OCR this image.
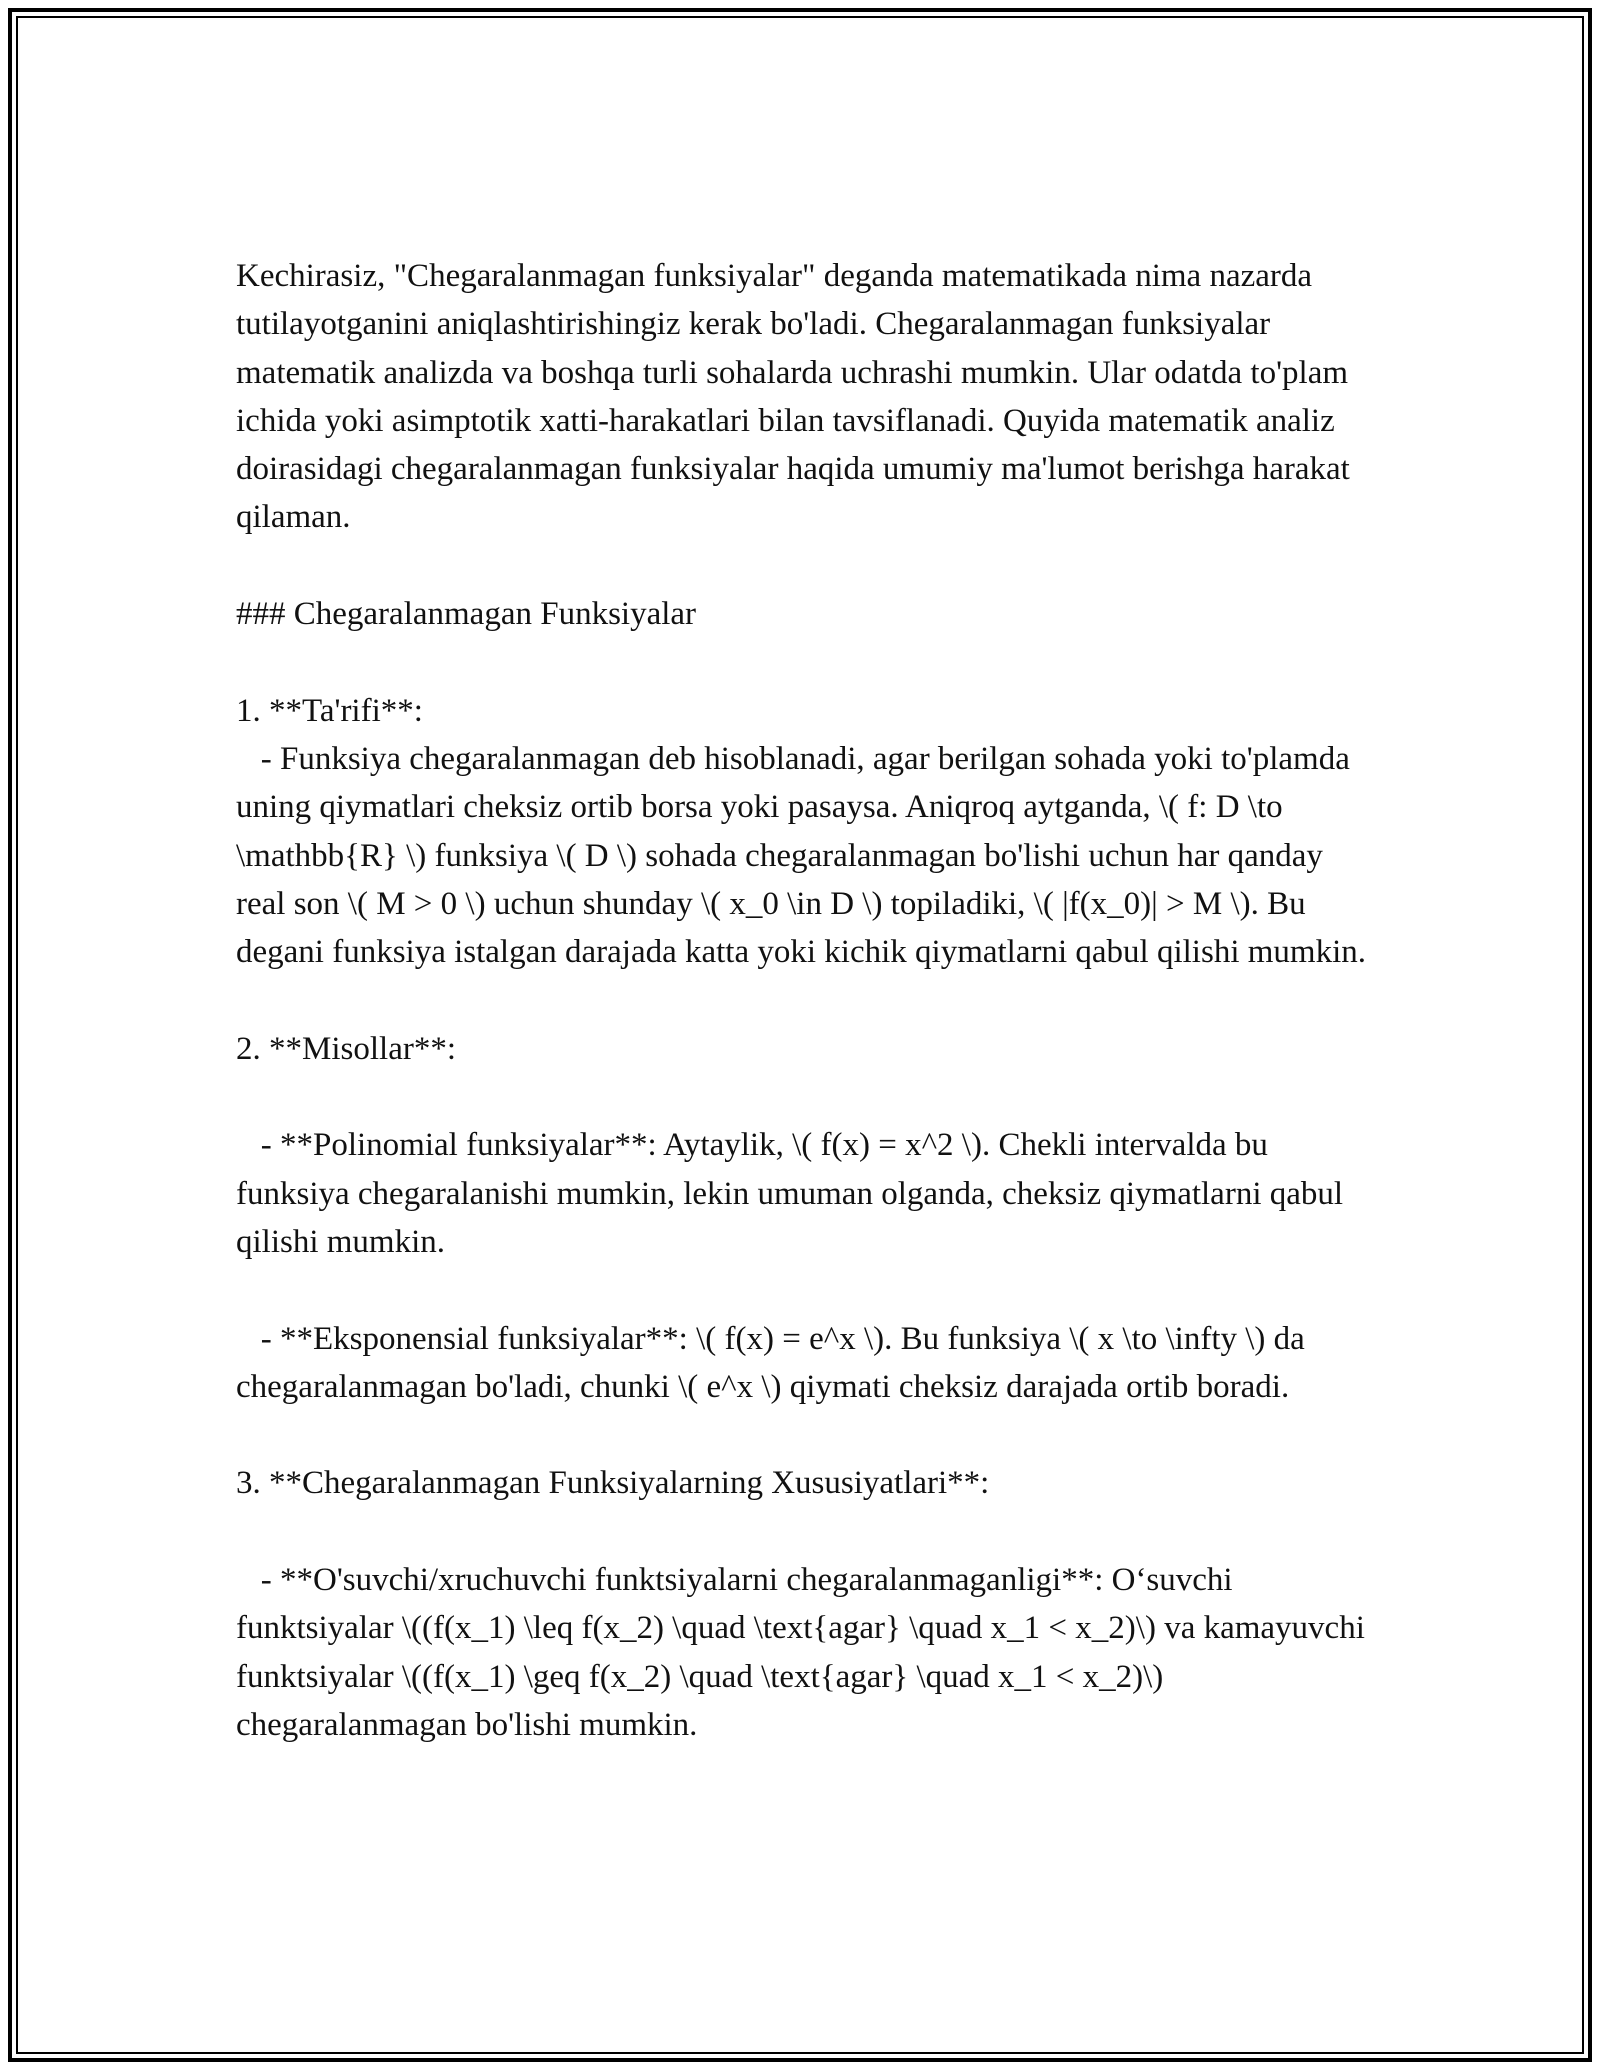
Kechirasiz, "Chegaralanmagan funksiyalar" deganda matematikada nima nazarda tutilayotganini aniqlashtirishingiz kerak bo'ladi. Chegaralanmagan funksiyalar matematik analizda va boshqa turli sohalarda uchrashi mumkin. Ular odatda to'plam ichida yoki asimptotik xatti-harakatlari bilan tavsiflanadi. Quyida matematik analiz doirasidagi chegaralanmagan funksiyalar haqida umumiy ma'lumot berishga harakat qilaman.

### Chegaralanmagan Funksiyalar

1. **Ta'rifi**:
- Funksiya chegaralanmagan deb hisoblanadi, agar berilgan sohada yoki to'plamda uning qiymatlari cheksiz ortib borsa yoki pasaysa. Aniqroq aytganda, \( f: D \to \mathbb{R} \) funksiya \( D \) sohada chegaralanmagan bo'lishi uchun har qanday real son \( M > 0 \) uchun shunday \( x_0 \in D \) topiladiki, \( |f(x_0)| > M \). Bu degani funksiya istalgan darajada katta yoki kichik qiymatlarni qabul qilishi mumkin.

2. **Misollar**:

- **Polinomial funksiyalar**: Aytaylik, \( f(x) = x^2 \). Chekli intervalda bu funksiya chegaralanishi mumkin, lekin umuman olganda, cheksiz qiymatlarni qabul qilishi mumkin.

- **Eksponensial funksiyalar**: \( f(x) = e^x \). Bu funksiya \( x \to \infty \) da chegaralanmagan bo'ladi, chunki \( e^x \) qiymati cheksiz darajada ortib boradi.

3. **Chegaralanmagan Funksiyalarning Xususiyatlari**:

- **O'suvchi/xruchuvchi funktsiyalarni chegaralanmaganligi**: O‘suvchi funktsiyalar \((f(x_1) \leq f(x_2) \quad \text{agar} \quad x_1 < x_2)\) va kamayuvchi funktsiyalar \((f(x_1) \geq f(x_2) \quad \text{agar} \quad x_1 < x_2)\) chegaralanmagan bo'lishi mumkin.
